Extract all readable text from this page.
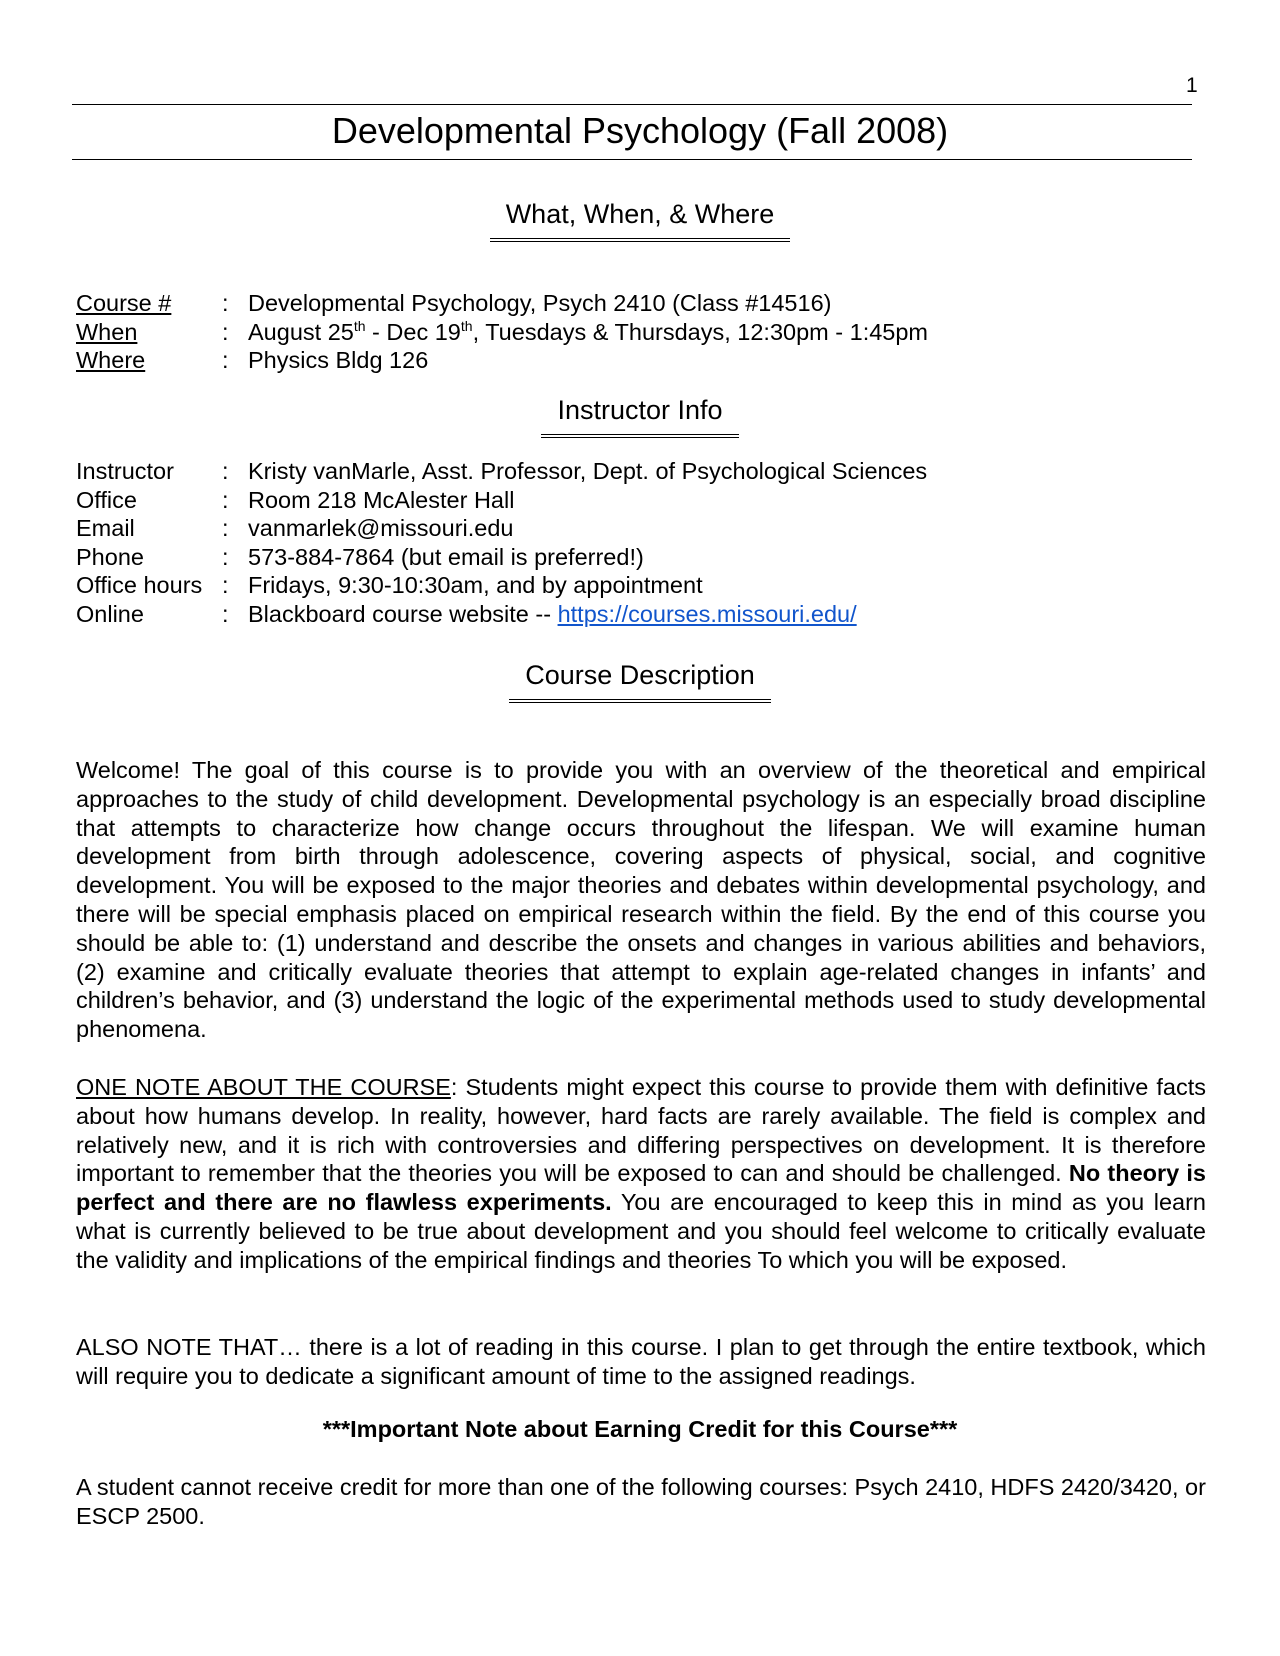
1
Developmental Psychology (Fall 2008)
What, When, & Where
Course #	:	Developmental Psychology, Psych 2410 (Class #14516)
When	:	August 25th - Dec 19th, Tuesdays & Thursdays, 12:30pm - 1:45pm
Where	:	Physics Bldg 126
Instructor Info
Instructor	:	Kristy vanMarle, Asst. Professor, Dept. of Psychological Sciences
Office	:	Room 218 McAlester Hall
Email	:	vanmarlek@missouri.edu
Phone	:	573-884-7864 (but email is preferred!)
Office hours	:	Fridays, 9:30-10:30am, and by appointment
Online	:	Blackboard course website -- https://courses.missouri.edu/
Course Description

Welcome! The goal of this course is to provide you with an overview of the theoretical and empirical approaches to the study of child development. Developmental psychology is an especially broad discipline that attempts to characterize how change occurs throughout the lifespan. We will examine human development from birth through adolescence, covering aspects of physical, social, and cognitive development. You will be exposed to the major theories and debates within developmental psychology, and there will be special emphasis placed on empirical research within the field. By the end of this course you should be able to: (1) understand and describe the onsets and changes in various abilities and behaviors, (2) examine and critically evaluate theories that attempt to explain age-related changes in infants’ and children’s behavior, and (3) understand the logic of the experimental methods used to study developmental phenomena.

ONE NOTE ABOUT THE COURSE: Students might expect this course to provide them with definitive facts about how humans develop. In reality, however, hard facts are rarely available. The field is complex and relatively new, and it is rich with controversies and differing perspectives on development. It is therefore important to remember that the theories you will be exposed to can and should be challenged. No theory is perfect and there are no flawless experiments. You are encouraged to keep this in mind as you learn what is currently believed to be true about development and you should feel welcome to critically evaluate the validity and implications of the empirical findings and theories To which you will be exposed.

ALSO NOTE THAT… there is a lot of reading in this course. I plan to get through the entire textbook, which will require you to dedicate a significant amount of time to the assigned readings.

***Important Note about Earning Credit for this Course***

A student cannot receive credit for more than one of the following courses: Psych 2410, HDFS 2420/3420, or ESCP 2500.
